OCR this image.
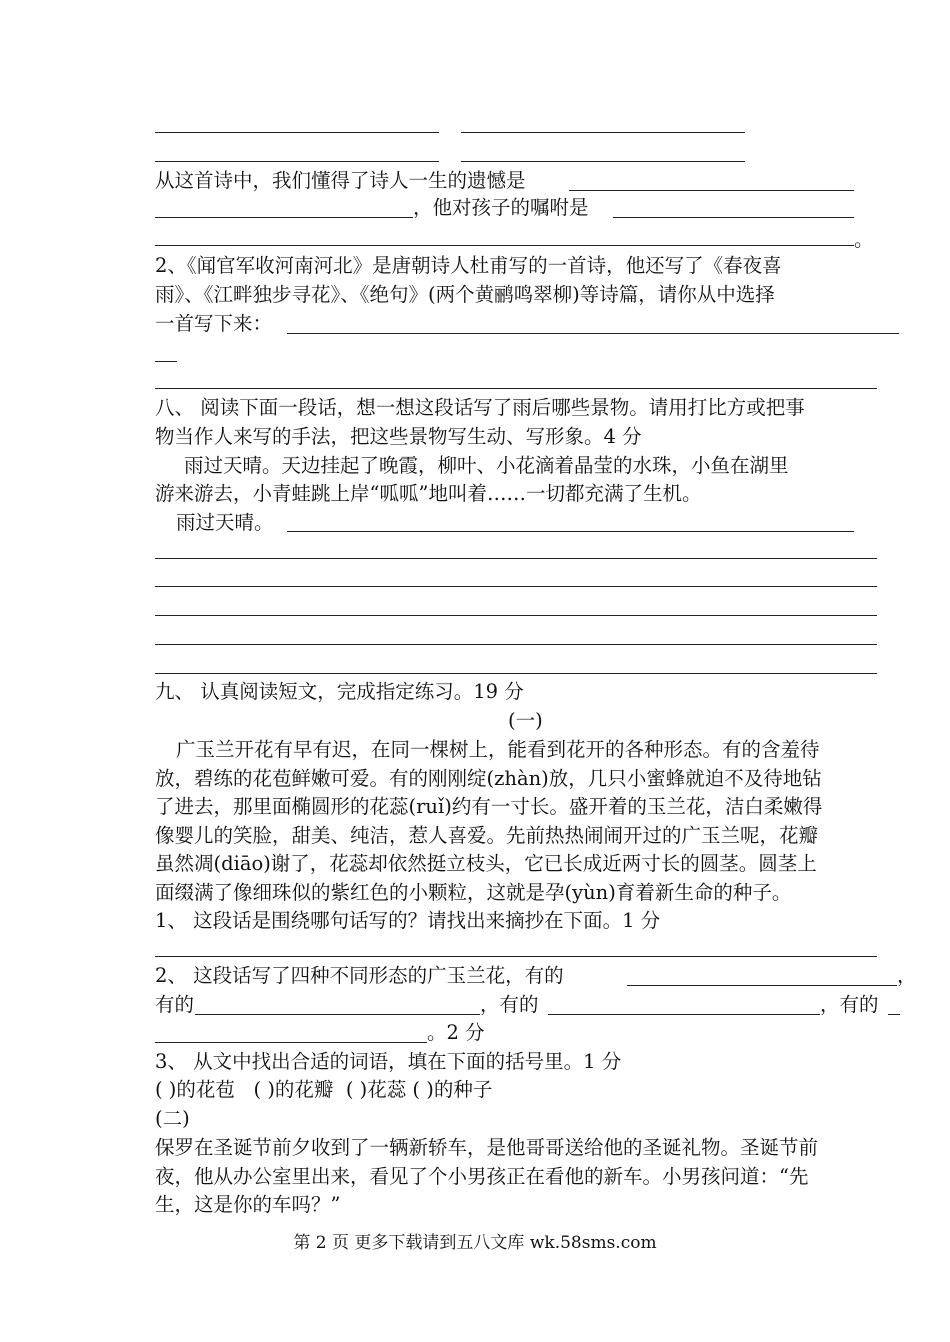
从这首诗中，我们懂得了诗人一生的遗憾是
，他对孩子的嘱咐是
。
2、《闻官军收河南河北》是唐朝诗人杜甫写的一首诗，他还写了《春夜喜
雨》、《江畔独步寻花》、《绝句》(两个黄鹂鸣翠柳)等诗篇，请你从中选择
一首写下来：
八、 阅读下面一段话，想一想这段话写了雨后哪些景物。请用打比方或把事
物当作人来写的手法，把这些景物写生动、写形象。4 分
雨过天晴。天边挂起了晚霞，柳叶、小花滴着晶莹的水珠，小鱼在湖里
游来游去，小青蛙跳上岸“呱呱”地叫着……一切都充满了生机。
雨过天晴。
九、 认真阅读短文，完成指定练习。19 分
(一)
广玉兰开花有早有迟，在同一棵树上，能看到花开的各种形态。有的含羞待
放，碧练的花苞鲜嫩可爱。有的刚刚绽(zhàn)放，几只小蜜蜂就迫不及待地钻
了进去，那里面椭圆形的花蕊(ruǐ)约有一寸长。盛开着的玉兰花，洁白柔嫩得
像婴儿的笑脸，甜美、纯洁，惹人喜爱。先前热热闹闹开过的广玉兰呢，花瓣
虽然凋(diāo)谢了，花蕊却依然挺立枝头，它已长成近两寸长的圆茎。圆茎上
面缀满了像细珠似的紫红色的小颗粒，这就是孕(yùn)育着新生命的种子。
1、 这段话是围绕哪句话写的？请找出来摘抄在下面。1 分
2、 这段话写了四种不同形态的广玉兰花，有的	，
有的	，有的	，有的
。2 分
3、 从文中找出合适的词语，填在下面的括号里。1 分
( )的花苞   ( )的花瓣  ( )花蕊 ( )的种子
(二)
保罗在圣诞节前夕收到了一辆新轿车，是他哥哥送给他的圣诞礼物。圣诞节前
夜，他从办公室里出来，看见了个小男孩正在看他的新车。小男孩问道：“先
生，这是你的车吗？”
第 2 页 更多下载请到五八文库 wk.58sms.com
